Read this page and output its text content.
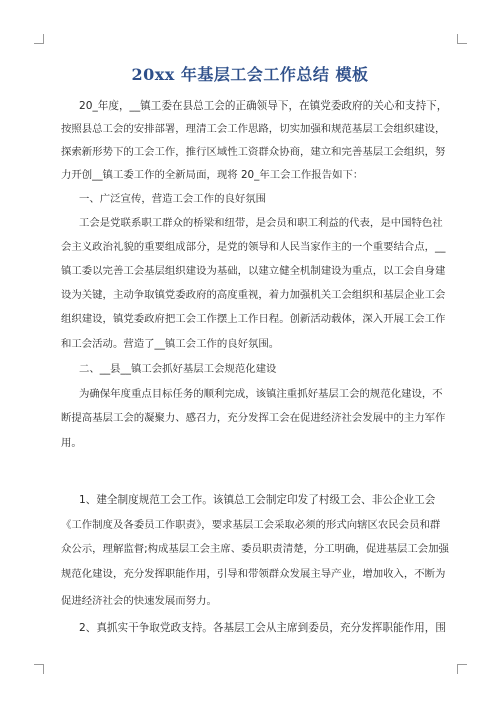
20xx 年基层工会工作总结 模板
20_年度，__镇工委在县总工会的正确领导下，在镇党委政府的关心和支持下，
按照县总工会的安排部署，理清工会工作思路，切实加强和规范基层工会组织建设，
探索新形势下的工会工作，推行区域性工资群众协商，建立和完善基层工会组织，努
力开创__镇工委工作的全新局面，现将 20_年工会工作报告如下：
一、广泛宣传，营造工会工作的良好氛围
工会是党联系职工群众的桥梁和纽带，是会员和职工利益的代表，是中国特色社
会主义政治礼貌的重要组成部分，是党的领导和人民当家作主的一个重要结合点，__
镇工委以完善工会基层组织建设为基础，以建立健全机制建设为重点，以工会自身建
设为关键，主动争取镇党委政府的高度重视，着力加强机关工会组织和基层企业工会
组织建设，镇党委政府把工会工作摆上工作日程。创新活动载体，深入开展工会工作
和工会活动。营造了__镇工会工作的良好氛围。
二、__县__镇工会抓好基层工会规范化建设
为确保年度重点目标任务的顺利完成，该镇注重抓好基层工会的规范化建设，不
断提高基层工会的凝聚力、感召力，充分发挥工会在促进经济社会发展中的主力军作
用。
1、建全制度规范工会工作。该镇总工会制定印发了村级工会、非公企业工会
《工作制度及各委员工作职责》，要求基层工会采取必须的形式向辖区农民会员和群
众公示，理解监督;构成基层工会主席、委员职责清楚，分工明确，促进基层工会加强
规范化建设，充分发挥职能作用，引导和带领群众发展主导产业，增加收入，不断为
促进经济社会的快速发展而努力。
2、真抓实干争取党政支持。各基层工会从主席到委员，充分发挥职能作用，围
